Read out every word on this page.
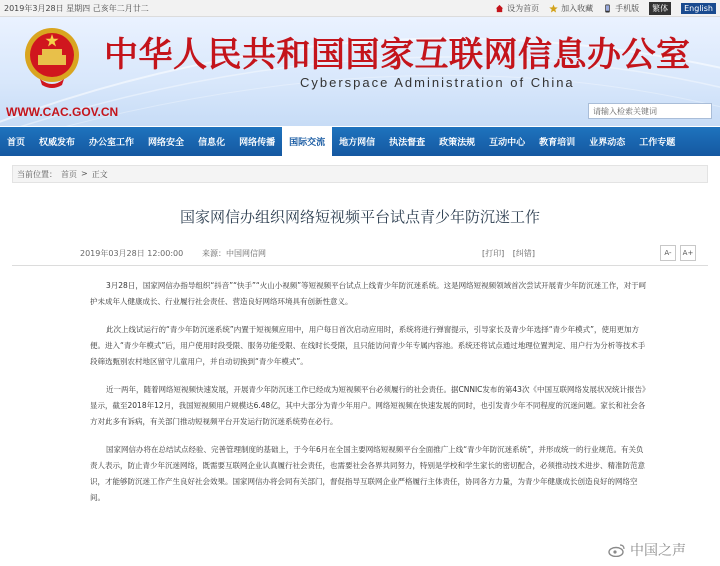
2019年3月28日 星期四 己亥年二月廿二	设为首页	加入收藏	手机版	繁体	English
中华人民共和国国家互联网信息办公室
Cyberspace Administration of China
WWW.CAC.GOV.CN	请输入检索关键词
首页	权威发布	办公室工作	网络安全	信息化	网络传播	国际交流	地方网信	执法督查	政策法规	互动中心	教育培训	业界动态	工作专题
当前位置： 首页 > 正文
国家网信办组织网络短视频平台试点青少年防沉迷工作
2019年03月28日 12:00:00 来源：中国网信网	[打印] [纠错]	A-	A+

3月28日，国家网信办指导组织“抖音”“快手”“火山小视频”等短视频平台试点上线青少年防沉迷系统。这是网络短视频领域首次尝试开展青少年防沉迷工作，对于呵护未成年人健康成长、行业履行社会责任、营造良好网络环境具有创新性意义。

此次上线试运行的“青少年防沉迷系统”内置于短视频应用中，用户每日首次启动应用时，系统将进行弹窗提示，引导家长及青少年选择“青少年模式”，使用更加方便。进入“青少年模式”后，用户使用时段受限、服务功能受限、在线时长受限，且只能访问青少年专属内容池。系统还将试点通过地理位置判定、用户行为分析等技术手段筛选甄别农村地区留守儿童用户，并自动切换到“青少年模式”。

近一两年，随着网络短视频快速发展，开展青少年防沉迷工作已经成为短视频平台必须履行的社会责任。据CNNIC发布的第43次《中国互联网络发展状况统计报告》显示，截至2018年12月，我国短视频用户规模达6.48亿，其中大部分为青少年用户。网络短视频在快速发展的同时，也引发青少年不同程度的沉迷问题。家长和社会各方对此多有诉病，有关部门推动短视频平台开发运行防沉迷系统势在必行。

国家网信办将在总结试点经验、完善管理制度的基础上，于今年6月在全国主要网络短视频平台全面推广上线“青少年防沉迷系统”，并形成统一的行业规范。有关负责人表示，防止青少年沉迷网络，既需要互联网企业认真履行社会责任，也需要社会各界共同努力，特别是学校和学生家长的密切配合，必须推动技术进步、精准防范意识，才能够防沉迷工作产生良好社会效果。国家网信办将会同有关部门，督促指导互联网企业严格履行主体责任，协同各方力量，为青少年健康成长创造良好的网络空间。

中国之声
